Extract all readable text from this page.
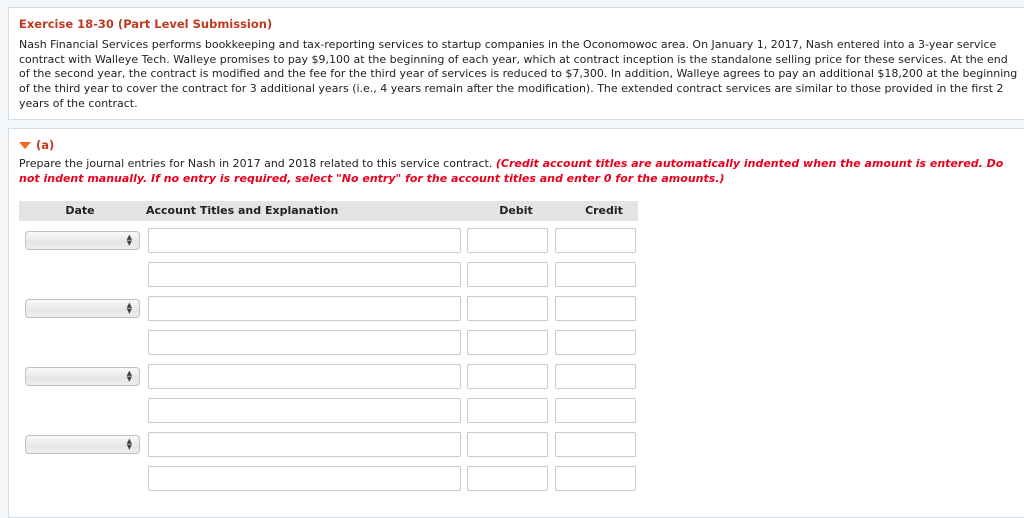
Exercise 18-30 (Part Level Submission)
Nash Financial Services performs bookkeeping and tax-reporting services to startup companies in the Oconomowoc area. On January 1, 2017, Nash entered into a 3-year service contract with Walleye Tech. Walleye promises to pay $9,100 at the beginning of each year, which at contract inception is the standalone selling price for these services. At the end of the second year, the contract is modified and the fee for the third year of services is reduced to $7,300. In addition, Walleye agrees to pay an additional $18,200 at the beginning of the third year to cover the contract for 3 additional years (i.e., 4 years remain after the modification). The extended contract services are similar to those provided in the first 2 years of the contract.
(a)
Prepare the journal entries for Nash in 2017 and 2018 related to this service contract. (Credit account titles are automatically indented when the amount is entered. Do not indent manually. If no entry is required, select "No entry" for the account titles and enter 0 for the amounts.)
Date	Account Titles and Explanation	Debit	Credit
▲
▼
▲
▼
▲
▼
▲
▼
